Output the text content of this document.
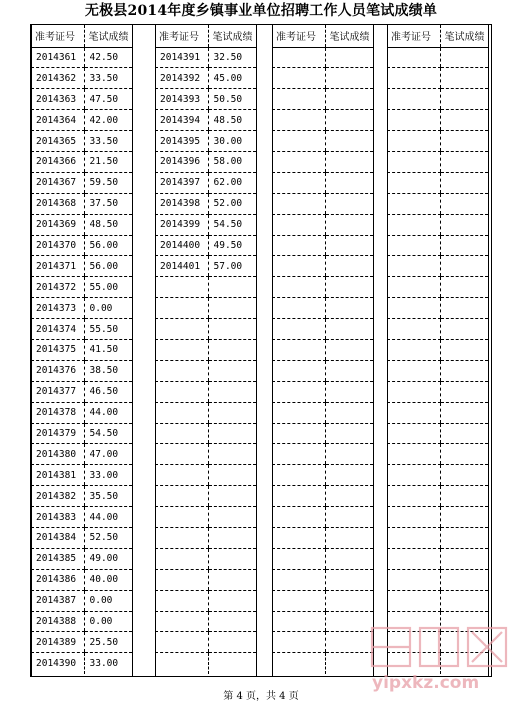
无极县2014年度乡镇事业单位招聘工作人员笔试成绩单
准考证号	笔试成绩
2014361	42.50
2014362	33.50
2014363	47.50
2014364	42.00
2014365	33.50
2014366	21.50
2014367	59.50
2014368	37.50
2014369	48.50
2014370	56.00
2014371	56.00
2014372	55.00
2014373	0.00
2014374	55.50
2014375	41.50
2014376	38.50
2014377	46.50
2014378	44.00
2014379	54.50
2014380	47.00
2014381	33.00
2014382	35.50
2014383	44.00
2014384	52.50
2014385	49.00
2014386	40.00
2014387	0.00
2014388	0.00
2014389	25.50
2014390	33.00
准考证号	笔试成绩
2014391	32.50
2014392	45.00
2014393	50.50
2014394	48.50
2014395	30.00
2014396	58.00
2014397	62.00
2014398	52.00
2014399	54.50
2014400	49.50
2014401	57.00

准考证号	笔试成绩

	准考证号	笔试成绩

第 4 页，共 4 页
yipxkz.com
